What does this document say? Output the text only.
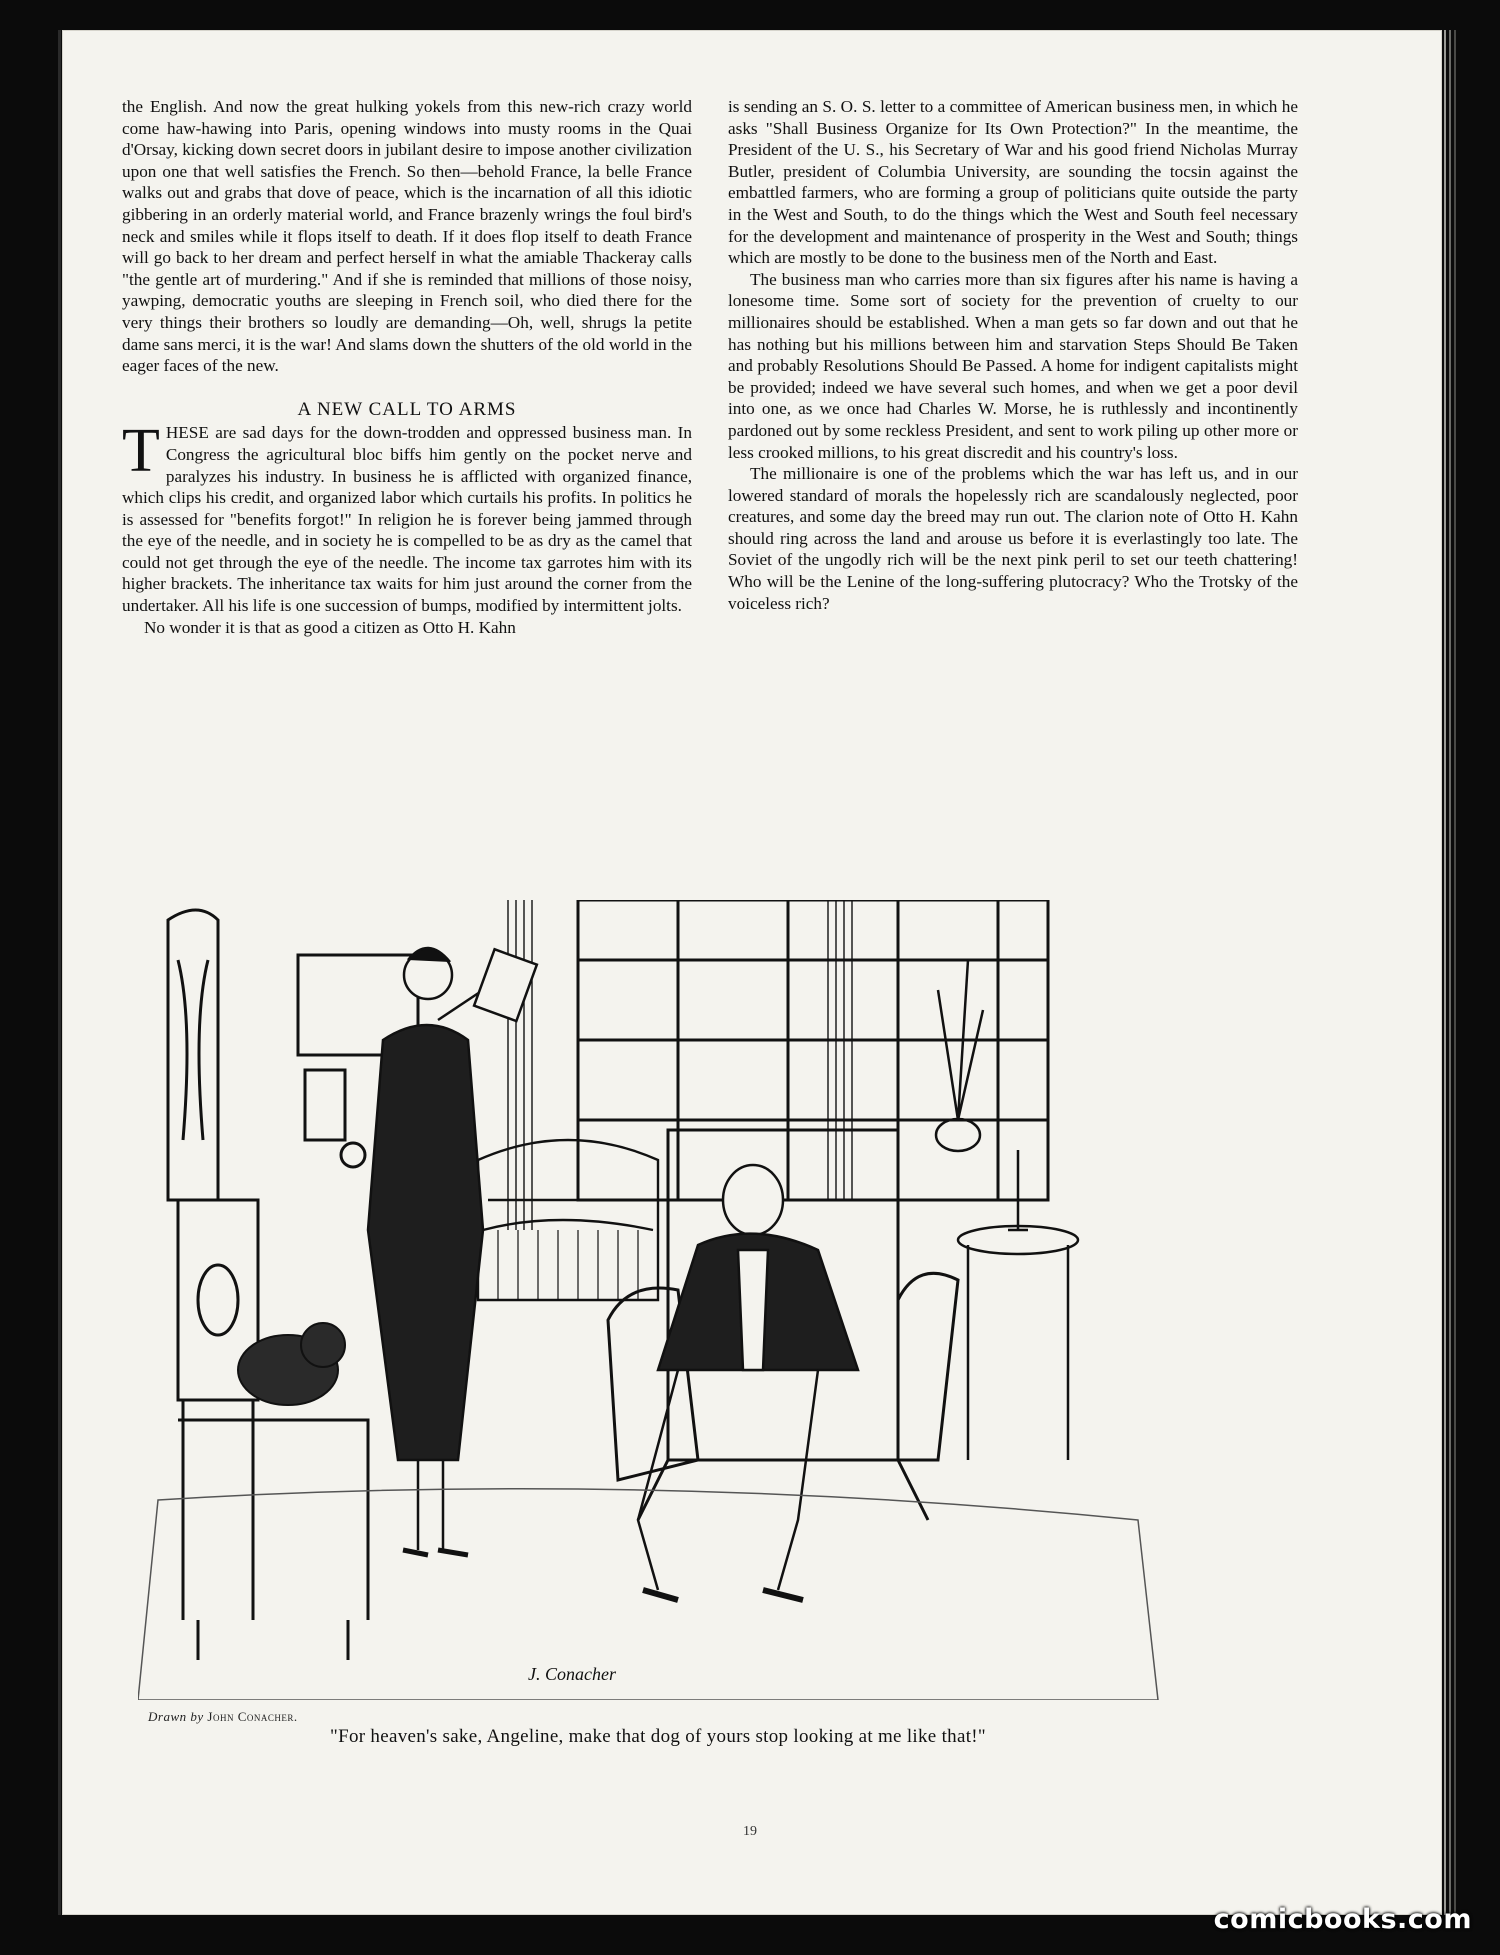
the English. And now the great hulking yokels from this new-rich crazy world come haw-hawing into Paris, opening windows into musty rooms in the Quai d'Orsay, kicking down secret doors in jubilant desire to impose another civilization upon one that well satisfies the French. So then—behold France, la belle France walks out and grabs that dove of peace, which is the incarnation of all this idiotic gibbering in an orderly material world, and France brazenly wrings the foul bird's neck and smiles while it flops itself to death. If it does flop itself to death France will go back to her dream and perfect herself in what the amiable Thackeray calls "the gentle art of murdering." And if she is reminded that millions of those noisy, yawping, democratic youths are sleeping in French soil, who died there for the very things their brothers so loudly are demanding—Oh, well, shrugs la petite dame sans merci, it is the war! And slams down the shutters of the old world in the eager faces of the new.

A NEW CALL TO ARMS

THESE are sad days for the down-trodden and oppressed business man. In Congress the agricultural bloc biffs him gently on the pocket nerve and paralyzes his industry. In business he is afflicted with organized finance, which clips his credit, and organized labor which curtails his profits. In politics he is assessed for "benefits forgot!" In religion he is forever being jammed through the eye of the needle, and in society he is compelled to be as dry as the camel that could not get through the eye of the needle. The income tax garrotes him with its higher brackets. The inheritance tax waits for him just around the corner from the undertaker. All his life is one succession of bumps, modified by intermittent jolts.

No wonder it is that as good a citizen as Otto H. Kahn

is sending an S. O. S. letter to a committee of American business men, in which he asks "Shall Business Organize for Its Own Protection?" In the meantime, the President of the U. S., his Secretary of War and his good friend Nicholas Murray Butler, president of Columbia University, are sounding the tocsin against the embattled farmers, who are forming a group of politicians quite outside the party in the West and South, to do the things which the West and South feel necessary for the development and maintenance of prosperity in the West and South; things which are mostly to be done to the business men of the North and East.

The business man who carries more than six figures after his name is having a lonesome time. Some sort of society for the prevention of cruelty to our millionaires should be established. When a man gets so far down and out that he has nothing but his millions between him and starvation Steps Should Be Taken and probably Resolutions Should Be Passed. A home for indigent capitalists might be provided; indeed we have several such homes, and when we get a poor devil into one, as we once had Charles W. Morse, he is ruthlessly and incontinently pardoned out by some reckless President, and sent to work piling up other more or less crooked millions, to his great discredit and his country's loss.

The millionaire is one of the problems which the war has left us, and in our lowered standard of morals the hopelessly rich are scandalously neglected, poor creatures, and some day the breed may run out. The clarion note of Otto H. Kahn should ring across the land and arouse us before it is everlastingly too late. The Soviet of the ungodly rich will be the next pink peril to set our teeth chattering! Who will be the Lenine of the long-suffering plutocracy? Who the Trotsky of the voiceless rich?

J. Conacher
Drawn by John Conacher.
"For heaven's sake, Angeline, make that dog of yours stop looking at me like that!"
19
comicbooks.com
